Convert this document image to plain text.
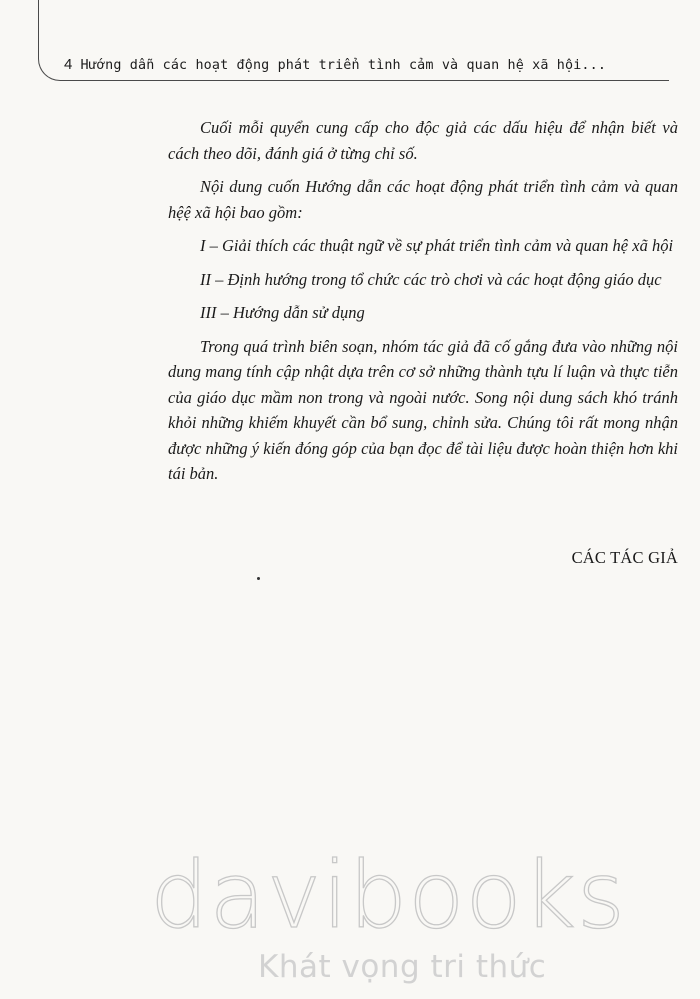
4 Hướng dẫn các hoạt động phát triển tình cảm và quan hệ xã hội...

Cuối mỗi quyển cung cấp cho độc giả các dấu hiệu để nhận biết và cách theo dõi, đánh giá ở từng chỉ số.

Nội dung cuốn Hướng dẫn các hoạt động phát triển tình cảm và quan hệệ xã hội bao gồm:

I – Giải thích các thuật ngữ về sự phát triển tình cảm và quan hệ xã hội

II – Định hướng trong tổ chức các trò chơi và các hoạt động giáo dục

III – Hướng dẫn sử dụng

Trong quá trình biên soạn, nhóm tác giả đã cố gắng đưa vào những nội dung mang tính cập nhật dựa trên cơ sở những thành tựu lí luận và thực tiễn của giáo dục mầm non trong và ngoài nước. Song nội dung sách khó tránh khỏi những khiếm khuyết cần bổ sung, chỉnh sửa. Chúng tôi rất mong nhận được những ý kiến đóng góp của bạn đọc để tài liệu được hoàn thiện hơn khi tái bản.

CÁC TÁC GIẢ
davibooks
Khát vọng tri thức
